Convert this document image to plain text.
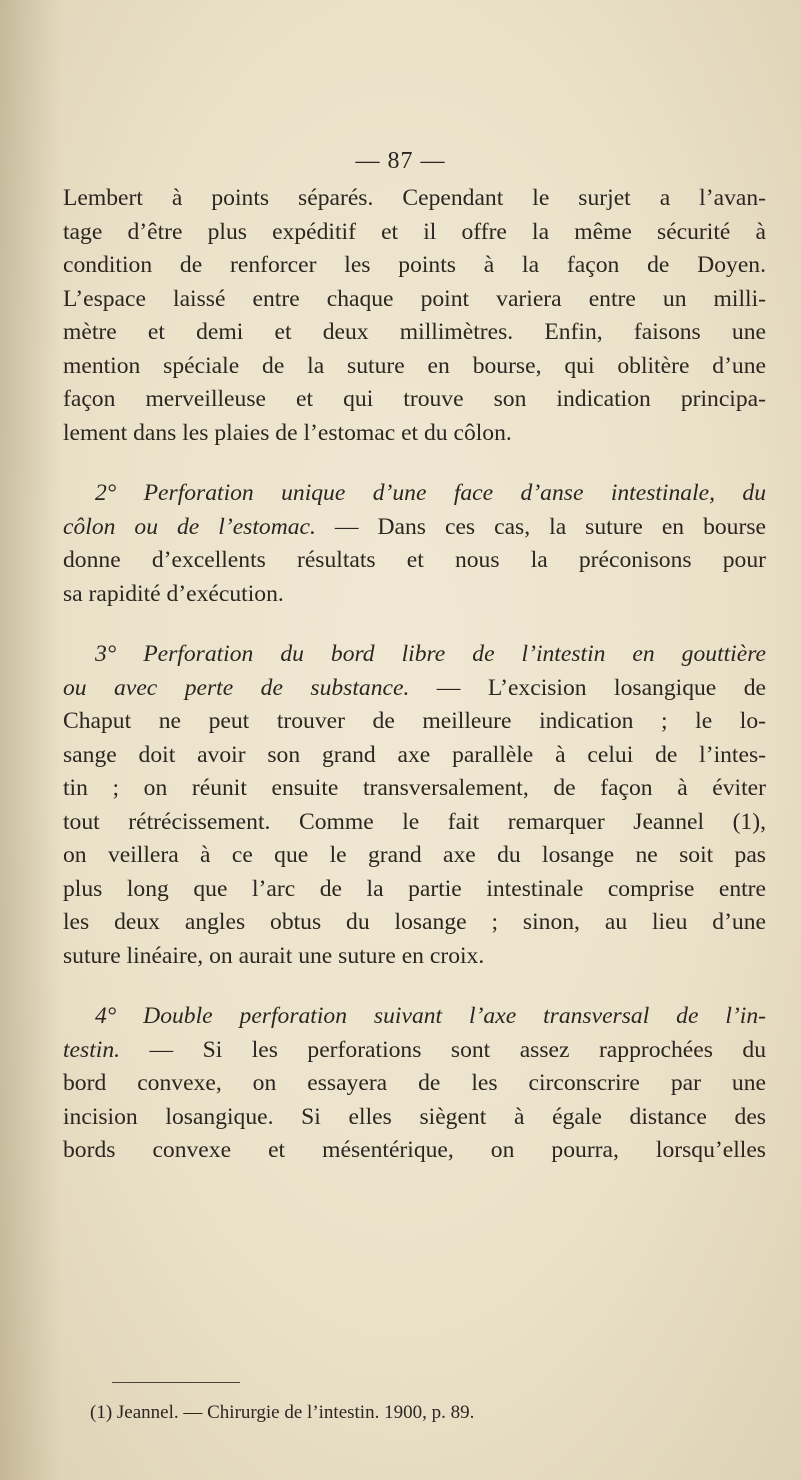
— 87 —

Lembert à points séparés. Cependant le surjet a l’avan-

tage d’être plus expéditif et il offre la même sécurité à

condition de renforcer les points à la façon de Doyen.

L’espace laissé entre chaque point variera entre un milli-

mètre et demi et deux millimètres. Enfin, faisons une

mention spéciale de la suture en bourse, qui oblitère d’une

façon merveilleuse et qui trouve son indication principa-

lement dans les plaies de l’estomac et du côlon.

2° Perforation unique d’une face d’anse intestinale, du

côlon ou de l’estomac. — Dans ces cas, la suture en bourse

donne d’excellents résultats et nous la préconisons pour

sa rapidité d’exécution.

3° Perforation du bord libre de l’intestin en gouttière

ou avec perte de substance. — L’excision losangique de

Chaput ne peut trouver de meilleure indication ; le lo-

sange doit avoir son grand axe parallèle à celui de l’intes-

tin ; on réunit ensuite transversalement, de façon à éviter

tout rétrécissement. Comme le fait remarquer Jeannel (1),

on veillera à ce que le grand axe du losange ne soit pas

plus long que l’arc de la partie intestinale comprise entre

les deux angles obtus du losange ; sinon, au lieu d’une

suture linéaire, on aurait une suture en croix.

4° Double perforation suivant l’axe transversal de l’in-

testin. — Si les perforations sont assez rapprochées du

bord convexe, on essayera de les circonscrire par une

incision losangique. Si elles siègent à égale distance des

bords convexe et mésentérique, on pourra, lorsqu’elles

(1) Jeannel. — Chirurgie de l’intestin. 1900, p. 89.
